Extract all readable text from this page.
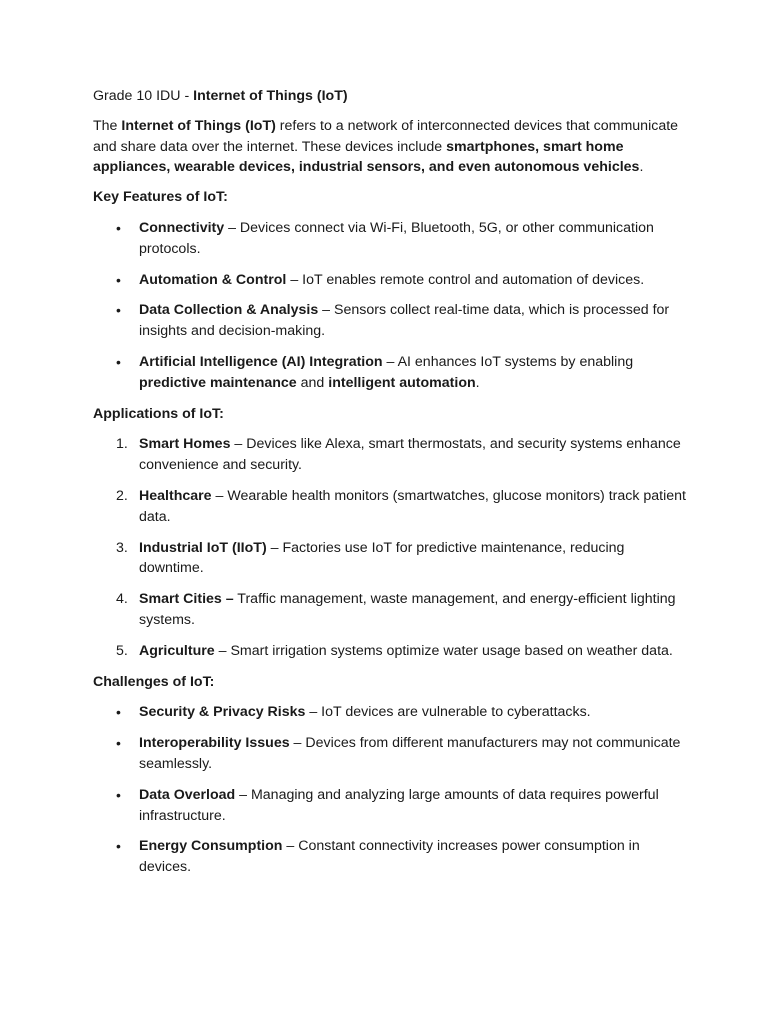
Grade 10 IDU - Internet of Things (IoT)

The Internet of Things (IoT) refers to a network of interconnected devices that communicate and share data over the internet. These devices include smartphones, smart home appliances, wearable devices, industrial sensors, and even autonomous vehicles.

Key Features of IoT:

• Connectivity – Devices connect via Wi-Fi, Bluetooth, 5G, or other communication protocols.
• Automation & Control – IoT enables remote control and automation of devices.
• Data Collection & Analysis – Sensors collect real-time data, which is processed for insights and decision-making.
• Artificial Intelligence (AI) Integration – AI enhances IoT systems by enabling predictive maintenance and intelligent automation.

Applications of IoT:

Smart Homes – Devices like Alexa, smart thermostats, and security systems enhance convenience and security.
Healthcare – Wearable health monitors (smartwatches, glucose monitors) track patient data.
Industrial IoT (IIoT) – Factories use IoT for predictive maintenance, reducing downtime.
Smart Cities – Traffic management, waste management, and energy-efficient lighting systems.
Agriculture – Smart irrigation systems optimize water usage based on weather data.

Challenges of IoT:

• Security & Privacy Risks – IoT devices are vulnerable to cyberattacks.
• Interoperability Issues – Devices from different manufacturers may not communicate seamlessly.
• Data Overload – Managing and analyzing large amounts of data requires powerful infrastructure.
• Energy Consumption – Constant connectivity increases power consumption in devices.
